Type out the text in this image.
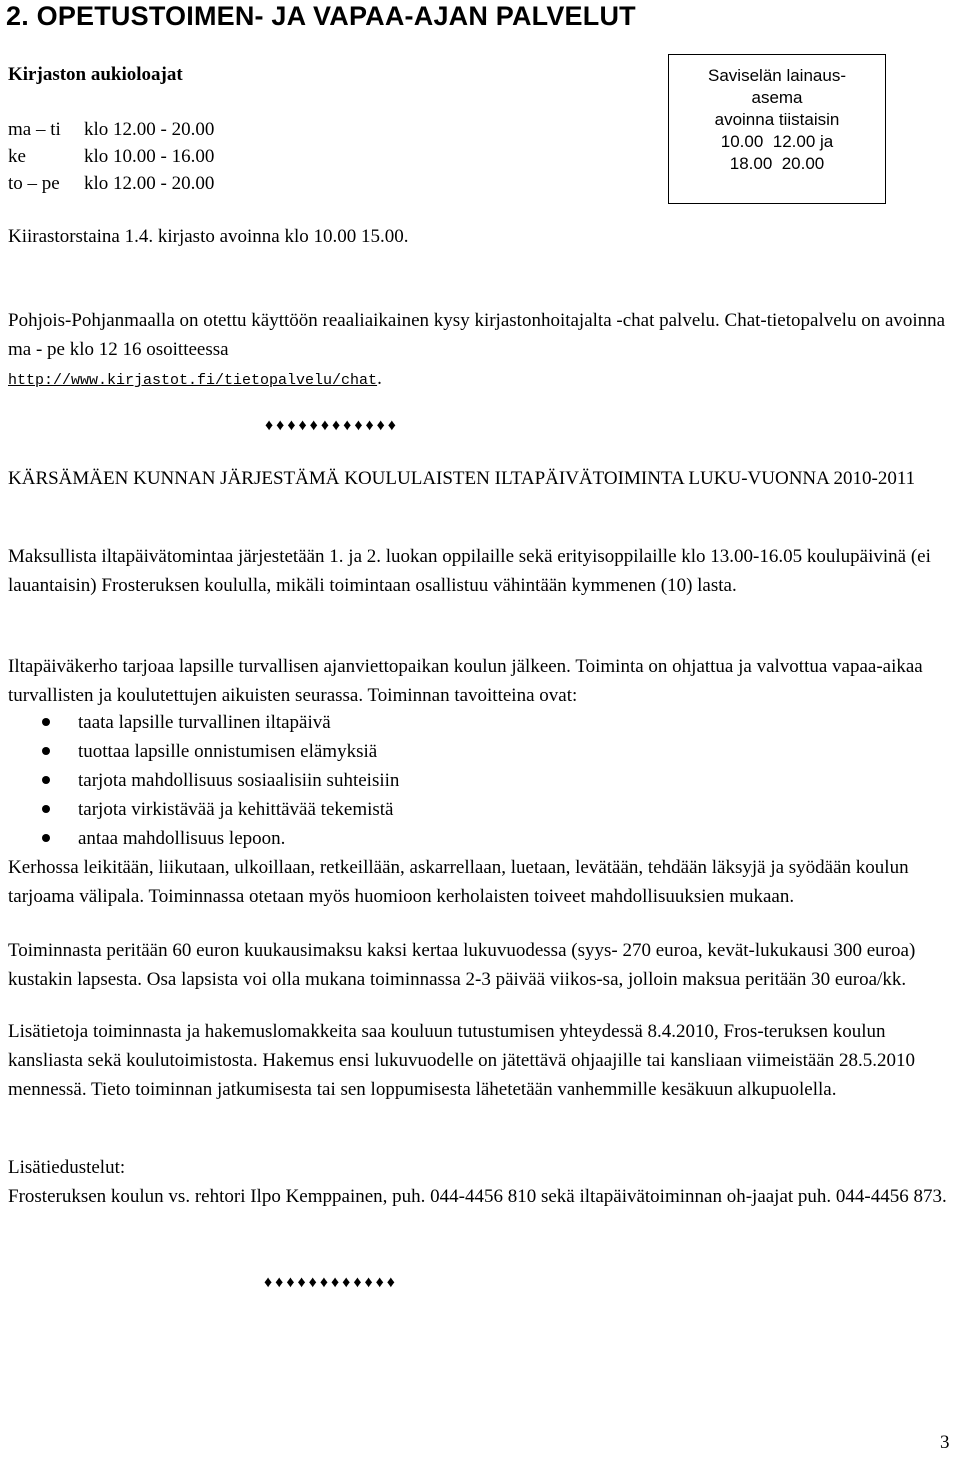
2. OPETUSTOIMEN- JA VAPAA-AJAN PALVELUT
Kirjaston aukioloajat
ma – ti	klo 12.00 - 20.00
ke	klo 10.00 - 16.00
to – pe	klo 12.00 - 20.00
Kiirastorstaina 1.4. kirjasto avoinna klo 10.00 15.00.
Saviselän lainaus-
asema
avoinna tiistaisin
10.00  12.00 ja
18.00  20.00
Pohjois-Pohjanmaalla on otettu käyttöön reaaliaikainen kysy kirjastonhoitajalta -chat palvelu. Chat-tietopalvelu on avoinna ma - pe klo 12 16 osoitteessa
http://www.kirjastot.fi/tietopalvelu/chat.
♦♦♦♦♦♦♦♦♦♦♦♦
KÄRSÄMÄEN KUNNAN JÄRJESTÄMÄ KOULULAISTEN ILTAPÄIVÄTOIMINTA LUKU-VUONNA 2010-2011
Maksullista iltapäivätomintaa järjestetään 1. ja 2. luokan oppilaille sekä erityisoppilaille klo 13.00-16.05 koulupäivinä (ei lauantaisin) Frosteruksen koululla, mikäli toimintaan osallistuu vähintään kymmenen (10) lasta.
Iltapäiväkerho tarjoaa lapsille turvallisen ajanviettopaikan koulun jälkeen. Toiminta on ohjattua ja valvottua vapaa-aikaa turvallisten ja koulutettujen aikuisten seurassa. Toiminnan tavoitteina ovat:
taata lapsille turvallinen iltapäivä
tuottaa lapsille onnistumisen elämyksiä
tarjota mahdollisuus sosiaalisiin suhteisiin
tarjota virkistävää ja kehittävää tekemistä
antaa mahdollisuus lepoon.
Kerhossa leikitään, liikutaan, ulkoillaan, retkeillään, askarrellaan, luetaan, levätään, tehdään läksyjä ja syödään koulun tarjoama välipala. Toiminnassa otetaan myös huomioon kerholaisten toiveet mahdollisuuksien mukaan.
Toiminnasta peritään 60 euron kuukausimaksu kaksi kertaa lukuvuodessa (syys- 270 euroa, kevät-lukukausi 300 euroa) kustakin lapsesta. Osa lapsista voi olla mukana toiminnassa 2-3 päivää viikos-sa, jolloin maksua peritään 30 euroa/kk.
Lisätietoja toiminnasta ja hakemuslomakkeita saa kouluun tutustumisen yhteydessä 8.4.2010, Fros-teruksen koulun kansliasta sekä koulutoimistosta. Hakemus ensi lukuvuodelle on jätettävä ohjaajille tai kansliaan viimeistään 28.5.2010 mennessä. Tieto toiminnan jatkumisesta tai sen loppumisesta lähetetään vanhemmille kesäkuun alkupuolella.
Lisätiedustelut:
Frosteruksen koulun vs. rehtori Ilpo Kemppainen, puh. 044-4456 810 sekä iltapäivätoiminnan oh-jaajat puh. 044-4456 873.
♦♦♦♦♦♦♦♦♦♦♦♦
3
